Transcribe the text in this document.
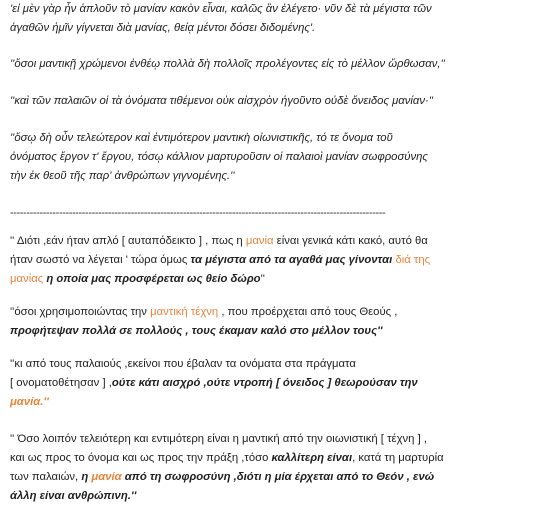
'εἰ μὲν γὰρ ἦν ἁπλοῦν τὸ μανίαν κακὸν εἶναι, καλῶς ἂν ἐλέγετο· νῦν δὲ τὰ μέγιστα τῶν
ἀγαθῶν ἡμῖν γίγνεται διὰ μανίας, θείᾳ μέντοι δόσει διδομένης'.

''ὅσοι μαντικῇ χρώμενοι ἐνθέῳ πολλὰ δὴ πολλοῖς προλέγοντες εἰς τὸ μέλλον ὤρθωσαν,''

''καὶ τῶν παλαιῶν οἱ τὰ ὀνόματα τιθέμενοι οὐκ αἰσχρὸν ἡγοῦντο οὐδὲ ὄνειδος μανίαν·''

''ὅσῳ δὴ οὖν τελεώτερον καὶ ἐντιμότερον μαντικὴ οἰωνιστικῆς, τό τε ὄνομα τοῦ
ὀνόματος ἔργον τ' ἔργου, τόσῳ κάλλιον μαρτυροῦσιν οἱ παλαιοὶ μανίαν σωφροσύνης
τὴν ἐκ θεοῦ τῆς παρ' ἀνθρώπων γιγνομένης.''

-------------------------------------------------------------------------------------------------------------------

'' Διότι ,εάν ήταν απλό [ αυταπόδεικτο ] , πως η μανία είναι γενικά κάτι κακό, αυτό θα
ήταν σωστό να λέγεται ' τώρα όμως τα μέγιστα από τα αγαθά μας γίνονται διά της
μανίας η οποία μας προσφέρεται ως θείο δώρο''

''όσοι χρησιμοποιώντας την μαντική τέχνη , που προέρχεται από τους Θεούς ,
προφήτεψαν πολλά σε πολλούς , τους έκαμαν καλό στο μέλλον τους''

''κι από τους παλαιούς ,εκείνοι που έβαλαν τα ονόματα στα πράγματα
[ ονοματοθέτησαν ] ,ούτε κάτι αισχρό ,ούτε ντροπή [ όνειδος ] θεωρούσαν την
μανία.''

'' Όσο λοιπόν τελειότερη και εντιμότερη είναι η μαντική από την οιωνιστική [ τέχνη ] ,
και ως προς το όνομα και ως προς την πράξη ,τόσο καλλίτερη είναι, κατά τη μαρτυρία
των παλαιών, η μανία από τη σωφροσύνη ,διότι η μία έρχεται από το Θεόν , ενώ
άλλη είναι ανθρώπινη.''
